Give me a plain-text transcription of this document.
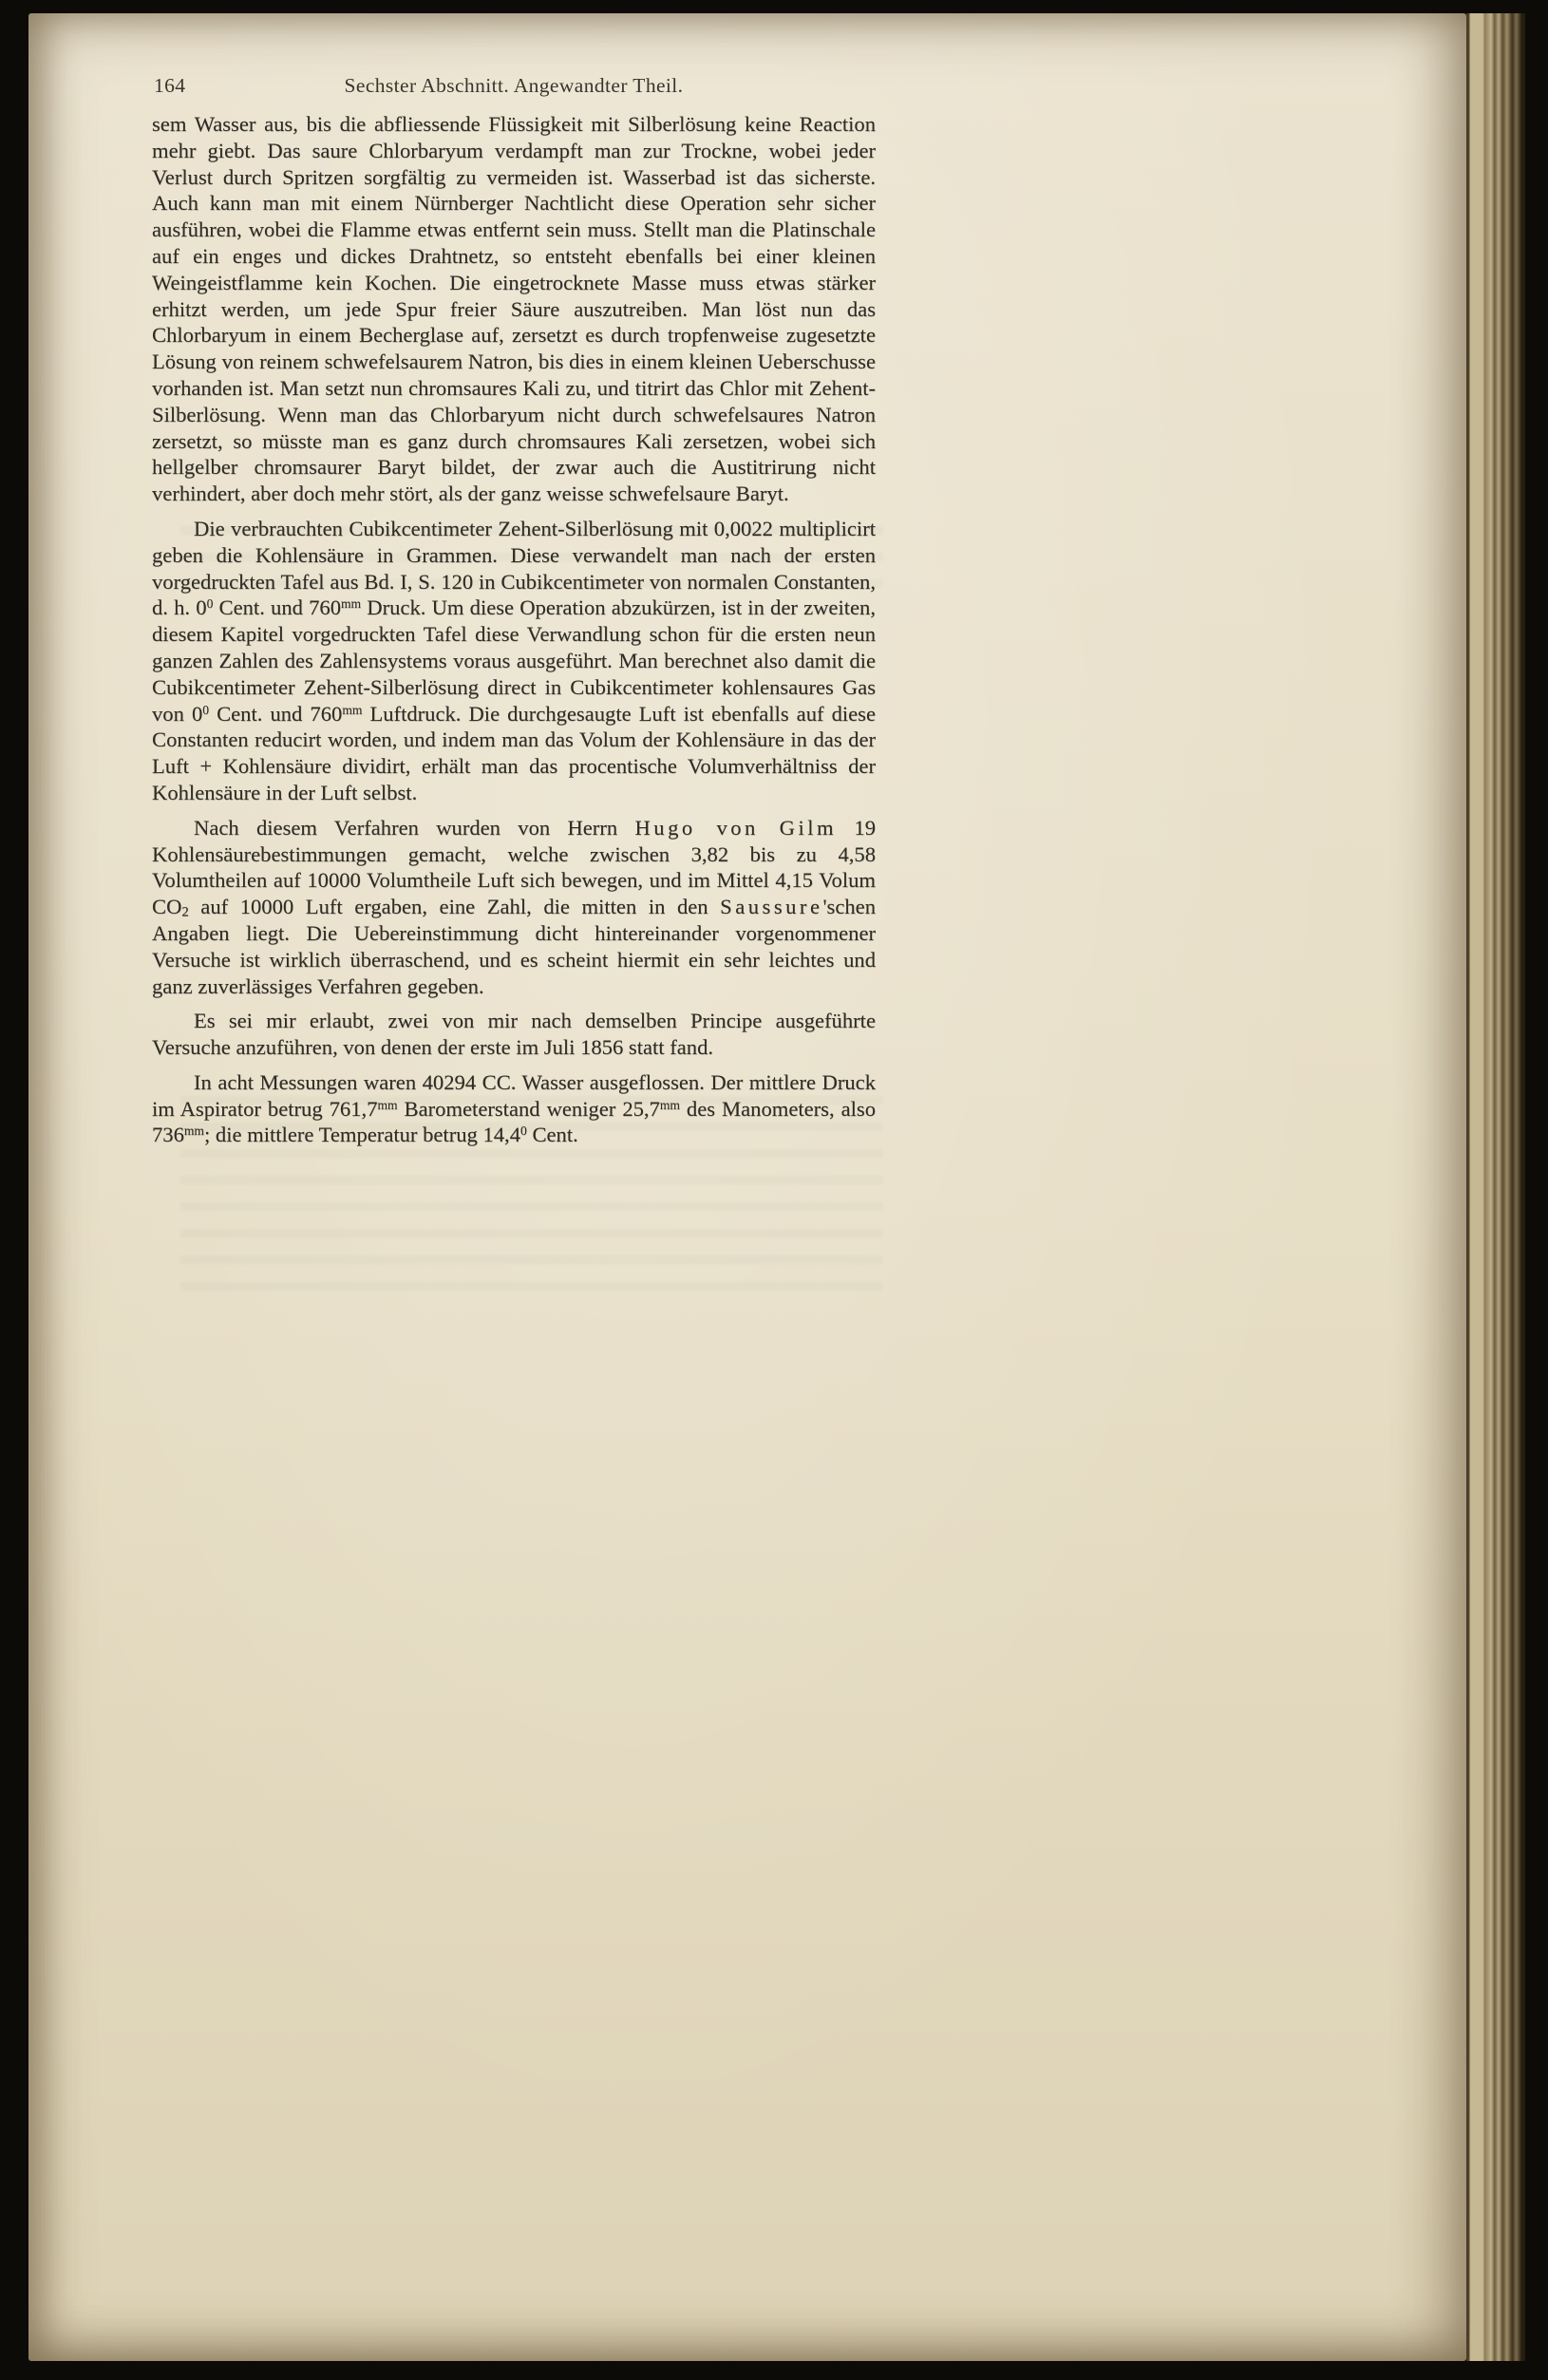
164	Sechster Abschnitt. Angewandter Theil.

sem Wasser aus, bis die abfliessende Flüssigkeit mit Silberlösung keine Reaction mehr giebt. Das saure Chlorbaryum verdampft man zur Trockne, wobei jeder Verlust durch Spritzen sorgfältig zu vermeiden ist. Wasserbad ist das sicherste. Auch kann man mit einem Nürnberger Nachtlicht diese Operation sehr sicher ausführen, wobei die Flamme etwas entfernt sein muss. Stellt man die Platinschale auf ein enges und dickes Drahtnetz, so entsteht ebenfalls bei einer kleinen Weingeistflamme kein Kochen. Die eingetrocknete Masse muss etwas stärker erhitzt werden, um jede Spur freier Säure auszutreiben. Man löst nun das Chlorbaryum in einem Becherglase auf, zersetzt es durch tropfenweise zugesetzte Lösung von reinem schwefelsaurem Natron, bis dies in einem kleinen Ueberschusse vorhanden ist. Man setzt nun chromsaures Kali zu, und titrirt das Chlor mit Zehent-Silberlösung. Wenn man das Chlorbaryum nicht durch schwefelsaures Natron zersetzt, so müsste man es ganz durch chromsaures Kali zersetzen, wobei sich hellgelber chromsaurer Baryt bildet, der zwar auch die Austitrirung nicht verhindert, aber doch mehr stört, als der ganz weisse schwefelsaure Baryt.

Die verbrauchten Cubikcentimeter Zehent-Silberlösung mit 0,0022 multiplicirt geben die Kohlensäure in Grammen. Diese verwandelt man nach der ersten vorgedruckten Tafel aus Bd. I, S. 120 in Cubikcentimeter von normalen Constanten, d. h. $0^0$ Cent. und $760^{mm}$ Druck. Um diese Operation abzukürzen, ist in der zweiten, diesem Kapitel vorgedruckten Tafel diese Verwandlung schon für die ersten neun ganzen Zahlen des Zahlensystems voraus ausgeführt. Man berechnet also damit die Cubikcentimeter Zehent-Silberlösung direct in Cubikcentimeter kohlensaures Gas von $0^0$ Cent. und $760^{mm}$ Luftdruck. Die durchgesaugte Luft ist ebenfalls auf diese Constanten reducirt worden, und indem man das Volum der Kohlensäure in das der Luft + Kohlensäure dividirt, erhält man das procentische Volumverhältniss der Kohlensäure in der Luft selbst.

Nach diesem Verfahren wurden von Herrn Hugo von Gilm 19 Kohlensäurebestimmungen gemacht, welche zwischen 3,82 bis zu 4,58 Volumtheilen auf 10000 Volumtheile Luft sich bewegen, und im Mittel 4,15 Volum $CO_2$ auf 10000 Luft ergaben, eine Zahl, die mitten in den Saussure'schen Angaben liegt. Die Uebereinstimmung dicht hintereinander vorgenommener Versuche ist wirklich überraschend, und es scheint hiermit ein sehr leichtes und ganz zuverlässiges Verfahren gegeben.

Es sei mir erlaubt, zwei von mir nach demselben Principe ausgeführte Versuche anzuführen, von denen der erste im Juli 1856 statt fand.

In acht Messungen waren 40294 CC. Wasser ausgeflossen. Der mittlere Druck im Aspirator betrug $761,7^{mm}$ Barometerstand weniger $25,7^{mm}$ des Manometers, also $736^{mm}$; die mittlere Temperatur betrug 14,4$^0$ Cent.
